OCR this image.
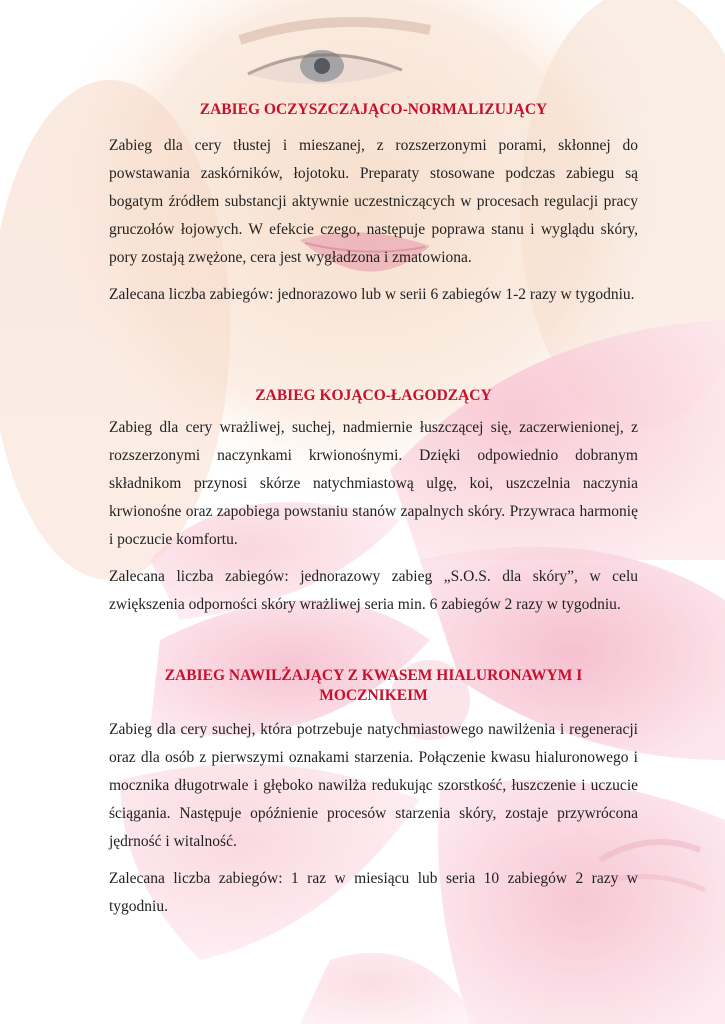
ZABIEG OCZYSZCZAJĄCO-NORMALIZUJĄCY

Zabieg dla cery tłustej i mieszanej, z rozszerzonymi porami, skłonnej do powstawania zaskórników, łojotoku. Preparaty stosowane podczas zabiegu są bogatym źródłem substancji aktywnie uczestniczących w procesach regulacji pracy gruczołów łojowych. W efekcie czego, następuje poprawa stanu i wyglądu skóry, pory zostają zwężone, cera jest wygładzona i zmatowiona.

Zalecana liczba zabiegów: jednorazowo lub w serii 6 zabiegów 1-2 razy w tygodniu.

ZABIEG KOJĄCO-ŁAGODZĄCY

Zabieg dla cery wrażliwej, suchej, nadmiernie łuszczącej się, zaczerwienionej, z rozszerzonymi naczynkami krwionośnymi. Dzięki odpowiednio dobranym składnikom przynosi skórze natychmiastową ulgę, koi, uszczelnia naczynia krwionośne oraz zapobiega powstaniu stanów zapalnych skóry. Przywraca harmonię i poczucie komfortu.

Zalecana liczba zabiegów: jednorazowy zabieg „S.O.S. dla skóry”, w celu zwiększenia odporności skóry wrażliwej seria min. 6 zabiegów 2 razy w tygodniu.

ZABIEG NAWILŻAJĄCY Z KWASEM HIALURONAWYM I MOCZNIKEIM

Zabieg dla cery suchej, która potrzebuje natychmiastowego nawilżenia i regeneracji oraz dla osób z pierwszymi oznakami starzenia. Połączenie kwasu hialuronowego i mocznika długotrwale i głęboko nawilża redukując szorstkość, łuszczenie i uczucie ściągania. Następuje opóźnienie procesów starzenia skóry, zostaje przywrócona jędrność i witalność.

Zalecana liczba zabiegów: 1 raz w miesiącu lub seria 10 zabiegów 2 razy w tygodniu.
